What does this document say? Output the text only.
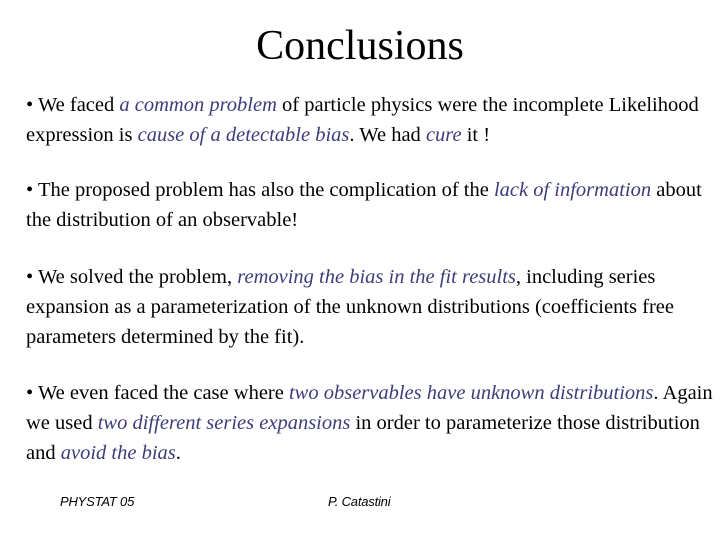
Conclusions

• We faced a common problem of particle physics were the incomplete Likelihood expression is cause of a detectable bias. We had cure it !

• The proposed problem has also the complication of the lack of information about the distribution of an observable!

• We solved the problem, removing the bias in the fit results, including series expansion as a parameterization of the unknown distributions (coefficients free parameters determined by the fit).

• We even faced the case where two observables have unknown distributions. Again we used two different series expansions in order to parameterize those distribution and avoid the bias.

PHYSTAT 05	P. Catastini
